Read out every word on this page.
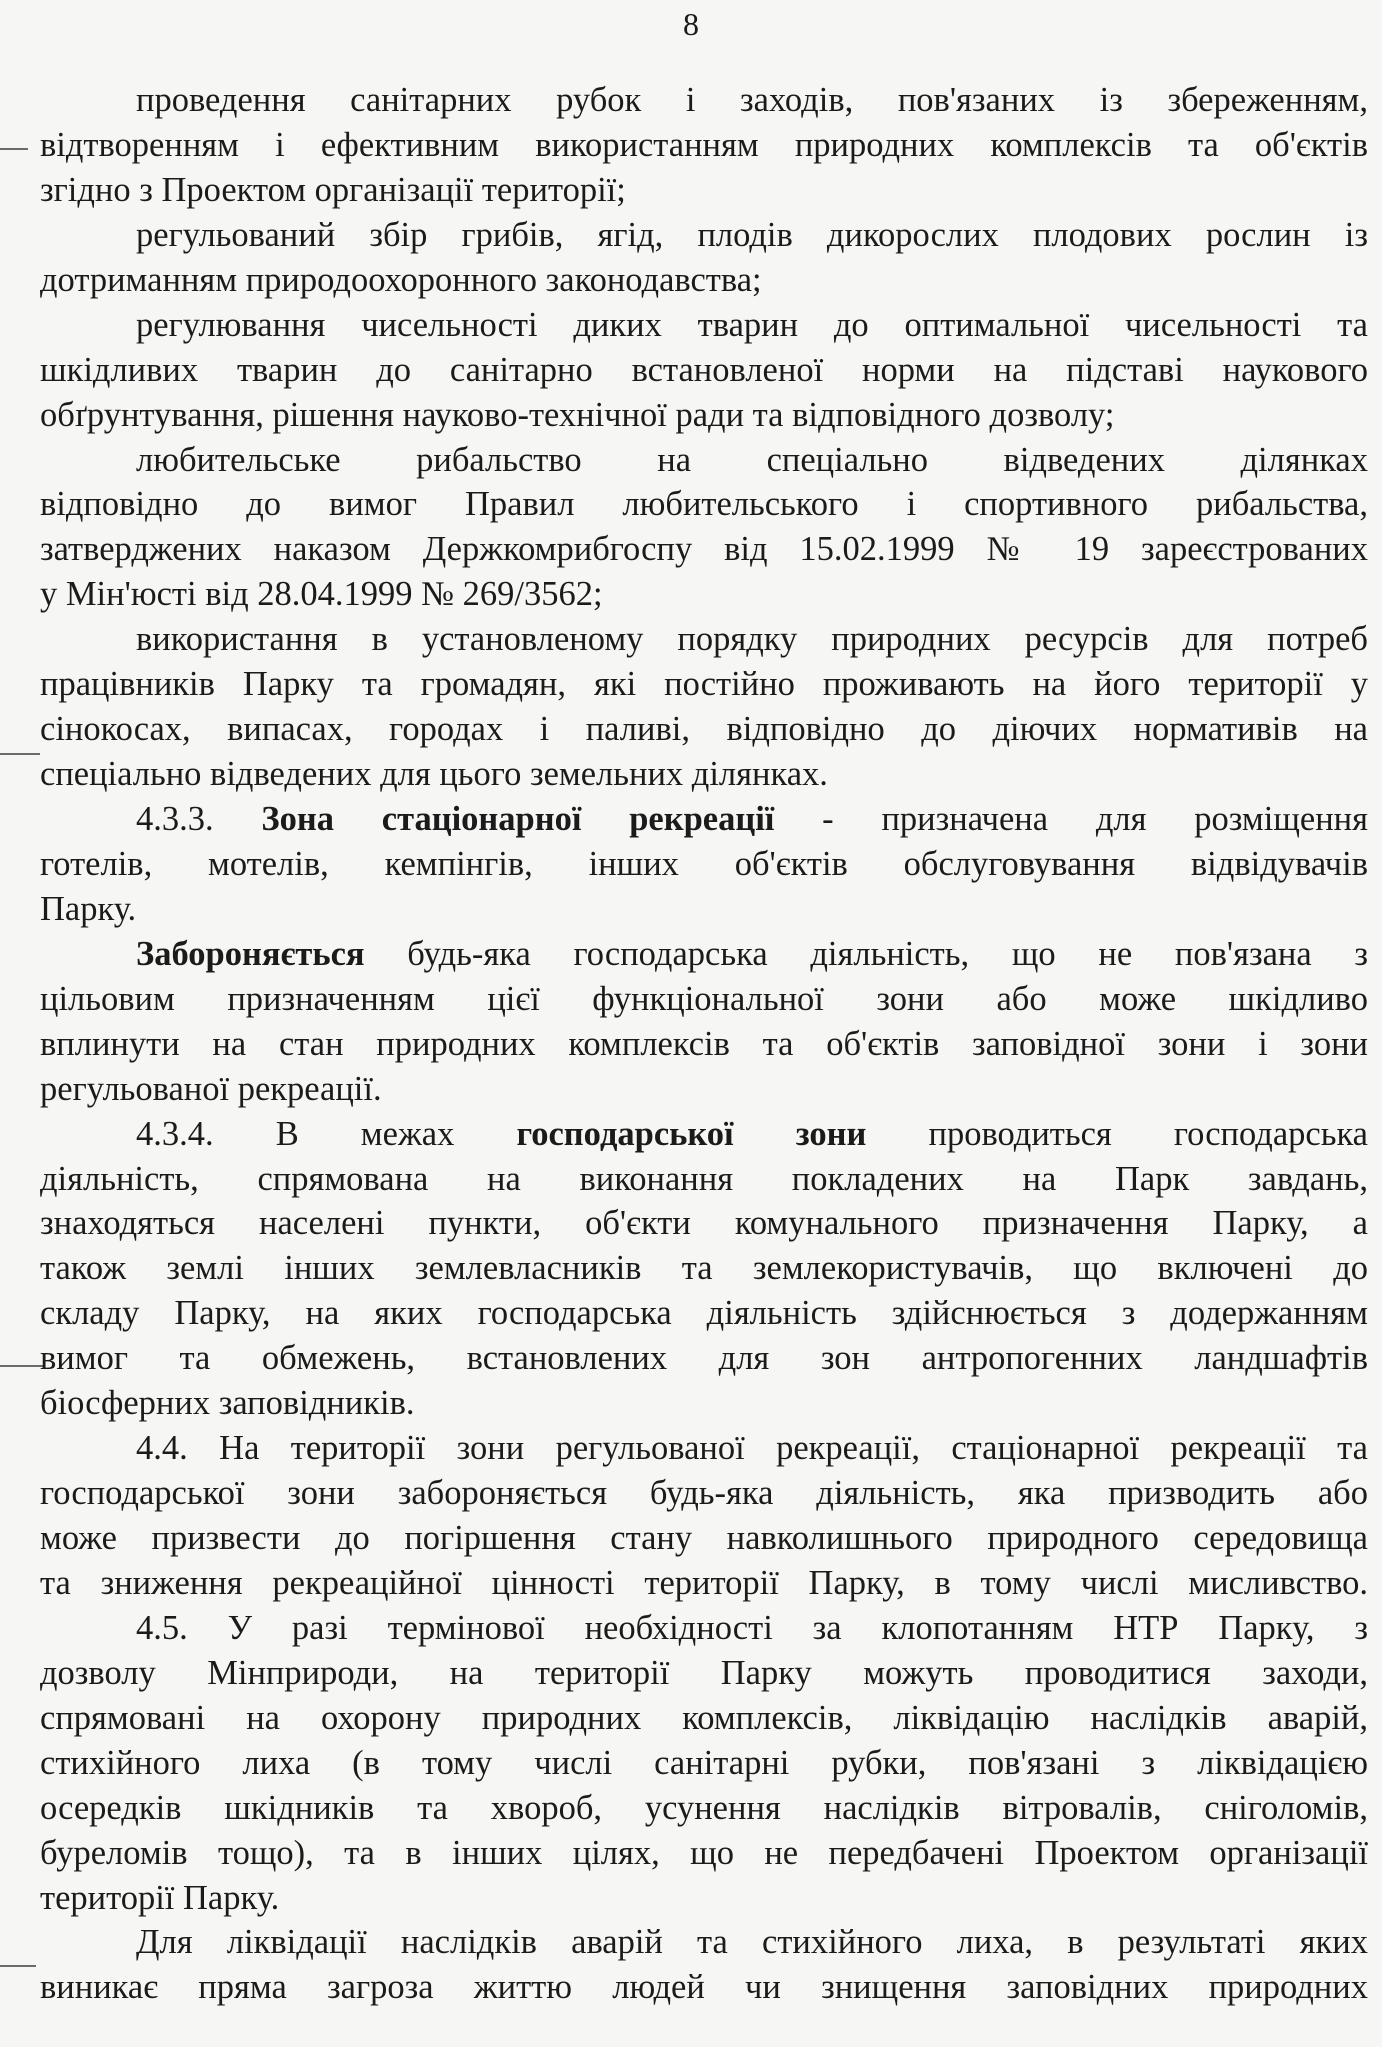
8
проведення санітарних рубок і заходів, пов'язаних із збереженням,
відтворенням і ефективним використанням природних комплексів та об'єктів
згідно з Проектом організації території;
регульований збір грибів, ягід, плодів дикорослих плодових рослин із
дотриманням природоохоронного законодавства;
регулювання чисельності диких тварин до оптимальної чисельності та
шкідливих тварин до санітарно встановленої норми на підставі наукового
обґрунтування, рішення науково-технічної ради та відповідного дозволу;
любительське рибальство на спеціально відведених ділянках
відповідно до вимог Правил любительського і спортивного рибальства,
затверджених наказом Держкомрибгоспу від 15.02.1999 № 19 зареєстрованих
у Мін'юсті від 28.04.1999 № 269/3562;
використання в установленому порядку природних ресурсів для потреб
працівників Парку та громадян, які постійно проживають на його території у
сінокосах, випасах, городах і паливі, відповідно до діючих нормативів на
спеціально відведених для цього земельних ділянках.
4.3.3. Зона стаціонарної рекреації - призначена для розміщення
готелів, мотелів, кемпінгів, інших об'єктів обслуговування відвідувачів
Парку.
Забороняється будь-яка господарська діяльність, що не пов'язана з
цільовим призначенням цієї функціональної зони або може шкідливо
вплинути на стан природних комплексів та об'єктів заповідної зони і зони
регульованої рекреації.
4.3.4. В межах господарської зони проводиться господарська
діяльність, спрямована на виконання покладених на Парк завдань,
знаходяться населені пункти, об'єкти комунального призначення Парку, а
також землі інших землевласників та землекористувачів, що включені до
складу Парку, на яких господарська діяльність здійснюється з додержанням
вимог та обмежень, встановлених для зон антропогенних ландшафтів
біосферних заповідників.
4.4. На території зони регульованої рекреації, стаціонарної рекреації та
господарської зони забороняється будь-яка діяльність, яка призводить або
може призвести до погіршення стану навколишнього природного середовища
та зниження рекреаційної цінності території Парку, в тому числі мисливство.
4.5. У разі термінової необхідності за клопотанням НТР Парку, з
дозволу Мінприроди, на території Парку можуть проводитися заходи,
спрямовані на охорону природних комплексів, ліквідацію наслідків аварій,
стихійного лиха (в тому числі санітарні рубки, пов'язані з ліквідацією
осередків шкідників та хвороб, усунення наслідків вітровалів, сніголомів,
буреломів тощо), та в інших цілях, що не передбачені Проектом організації
території Парку.
Для ліквідації наслідків аварій та стихійного лиха, в результаті яких
виникає пряма загроза життю людей чи знищення заповідних природних
